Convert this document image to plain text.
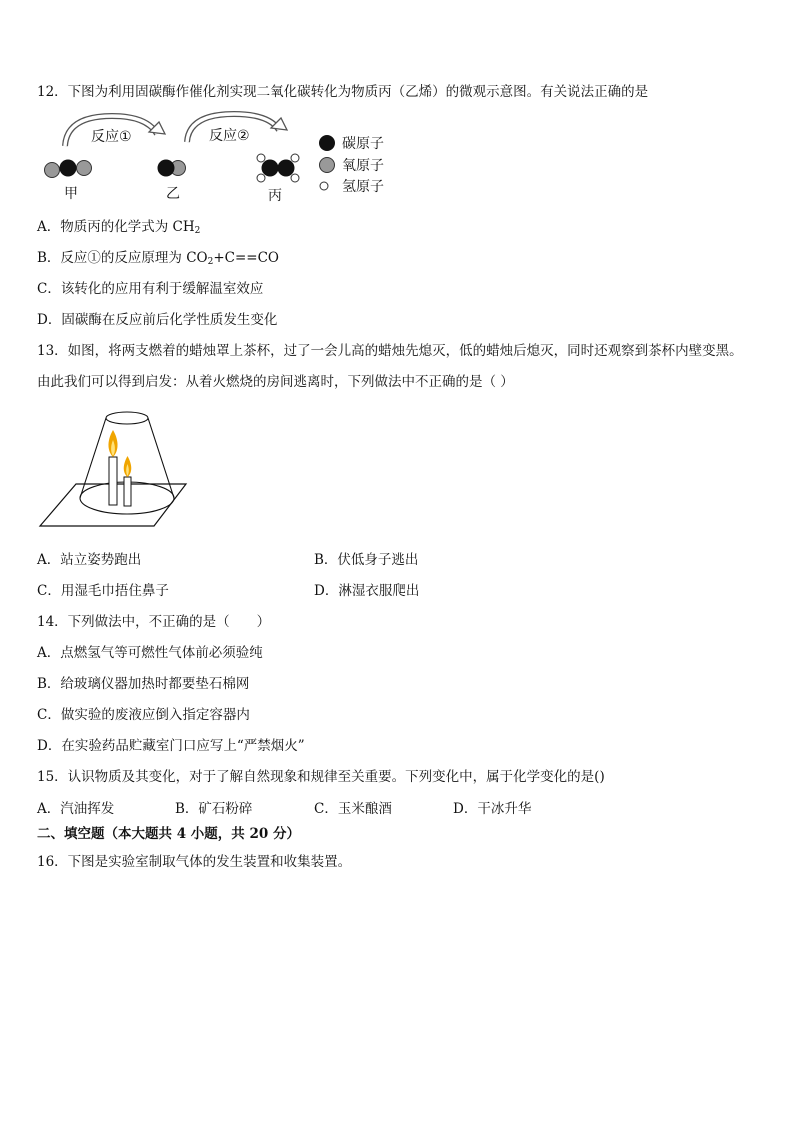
12．下图为利用固碳酶作催化剂实现二氧化碳转化为物质丙（乙烯）的微观示意图。有关说法正确的是
反应①	反应②
甲	乙	丙
碳原子
氧原子
氢原子
A．物质丙的化学式为 $CH_2$
B．反应①的反应原理为 $CO_2+C==CO$
C．该转化的应用有利于缓解温室效应
D．固碳酶在反应前后化学性质发生变化
13．如图，将两支燃着的蜡烛罩上茶杯，过了一会儿高的蜡烛先熄灭，低的蜡烛后熄灭，同时还观察到茶杯内壁变黑。
由此我们可以得到启发：从着火燃烧的房间逃离时，下列做法中不正确的是（ ）
A．站立姿势跑出	B．伏低身子逃出
C．用湿毛巾捂住鼻子	D．淋湿衣服爬出
14．下列做法中，不正确的是（　　）
A．点燃氢气等可燃性气体前必须验纯
B．给玻璃仪器加热时都要垫石棉网
C．做实验的废液应倒入指定容器内
D．在实验药品贮藏室门口应写上“严禁烟火”
15．认识物质及其变化，对于了解自然现象和规律至关重要。下列变化中，属于化学变化的是()
A．汽油挥发	B．矿石粉碎	C．玉米酿酒	D．干冰升华
二、填空题（本大题共 4 小题，共 20 分）
16．下图是实验室制取气体的发生装置和收集装置。
